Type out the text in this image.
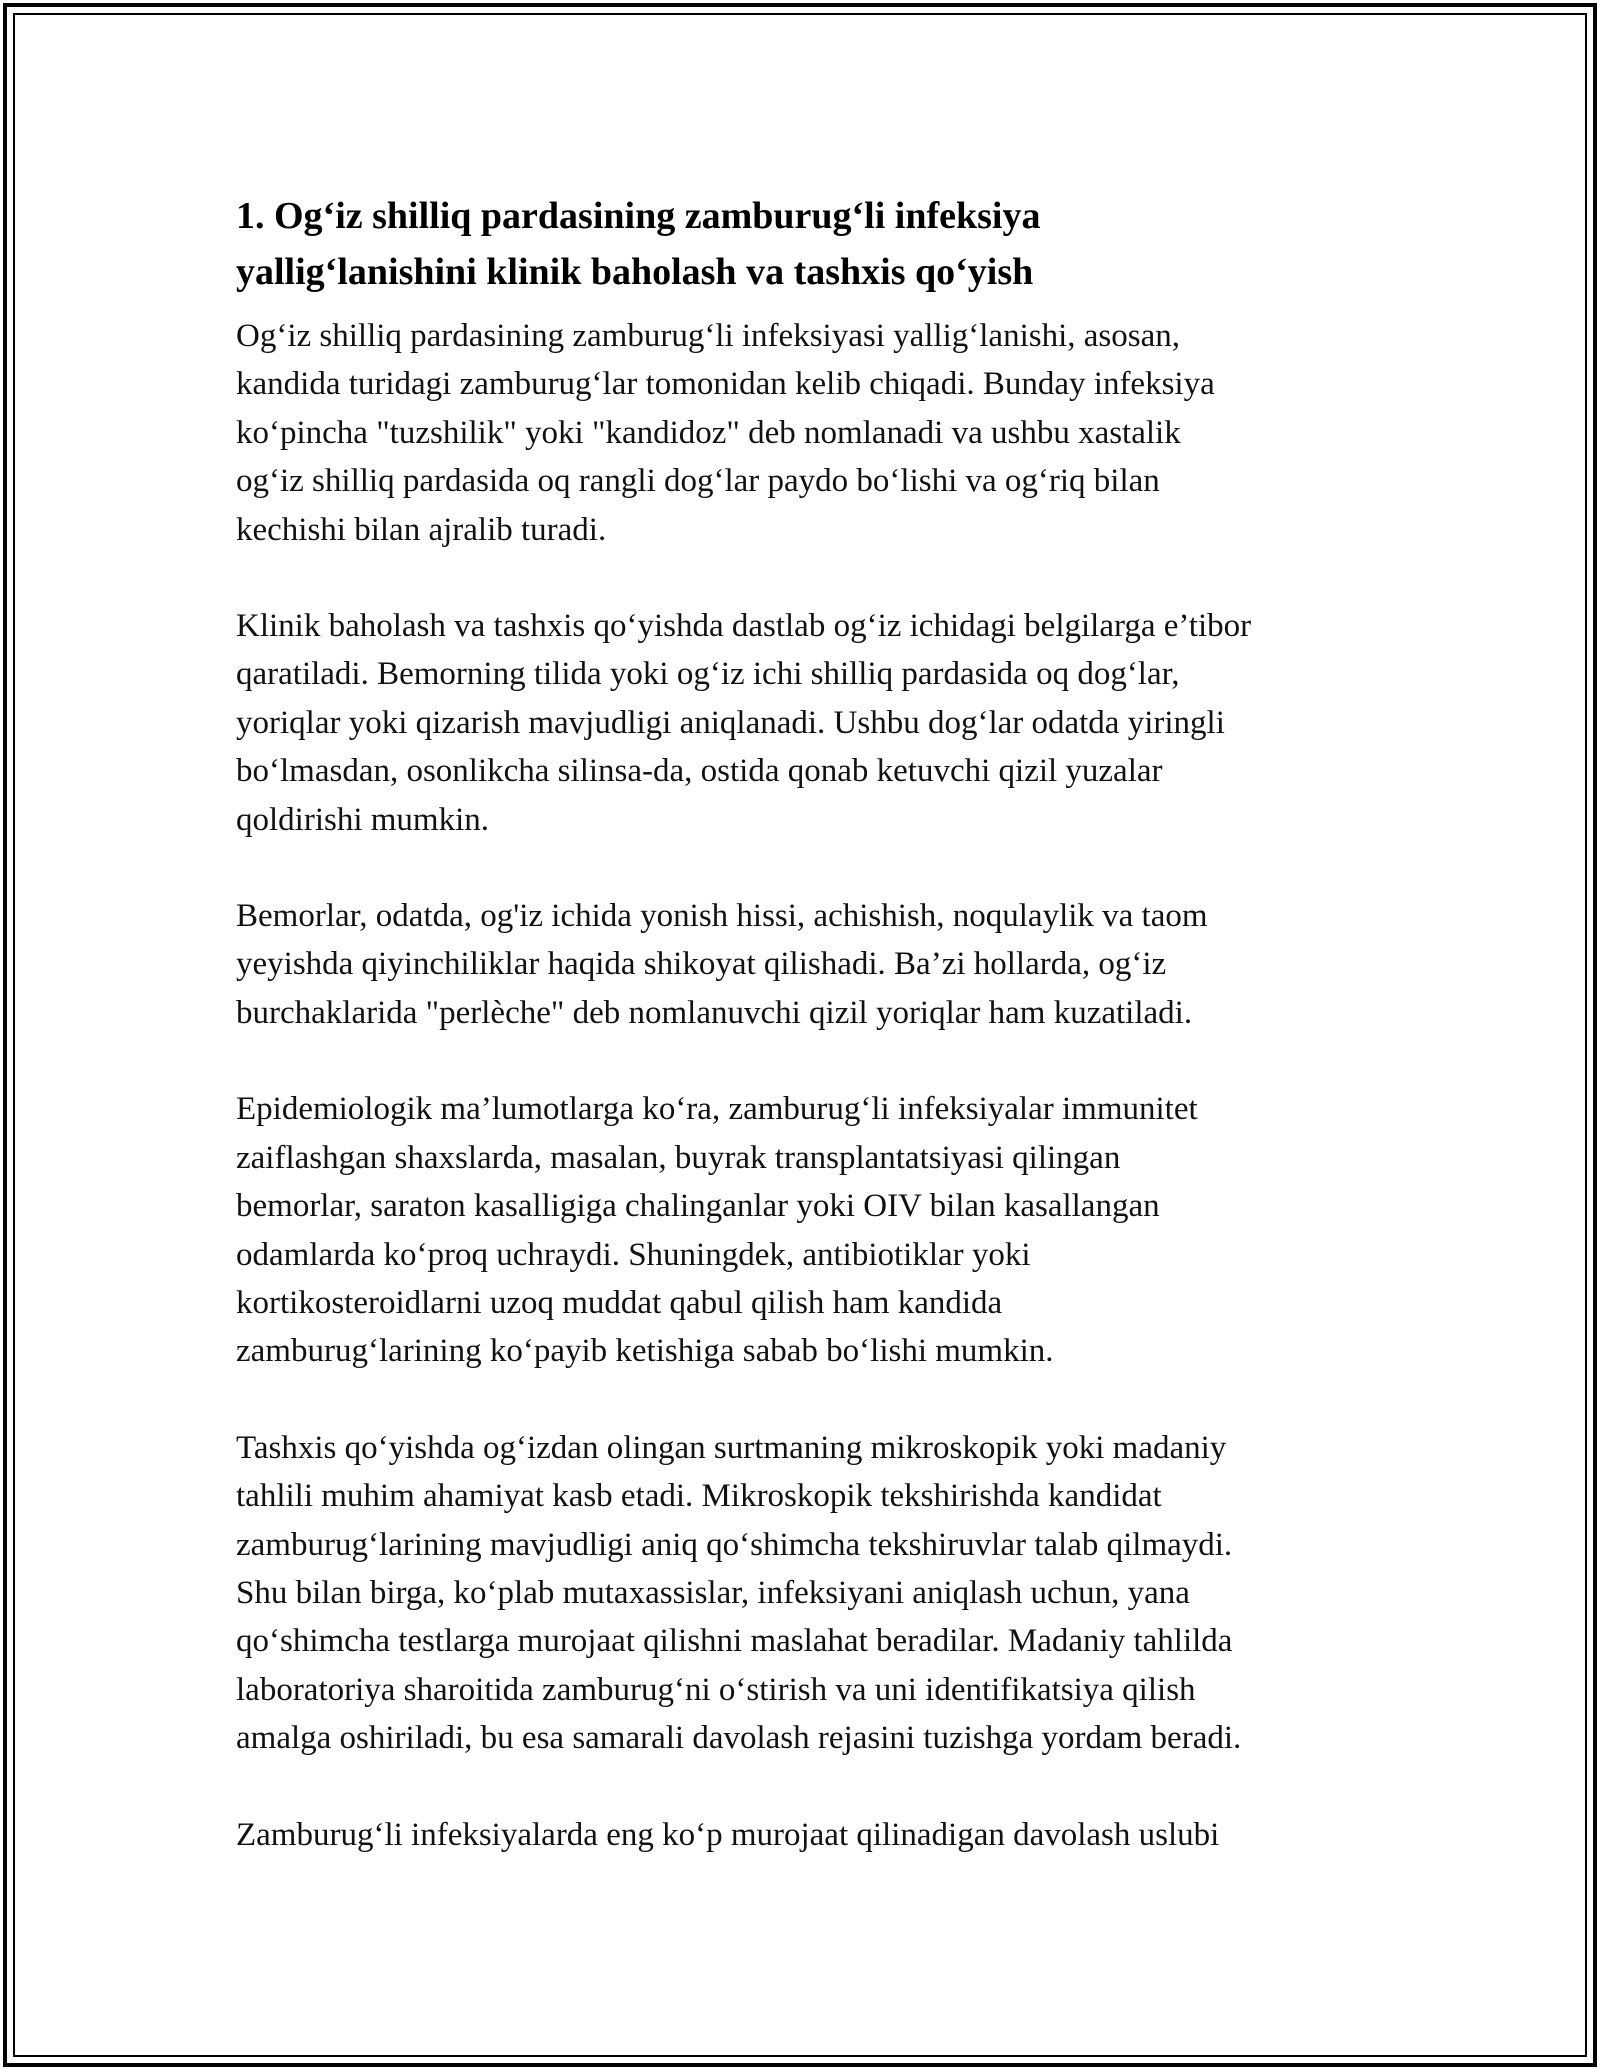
1. Og‘iz shilliq pardasining zamburug‘li infeksiya
yallig‘lanishini klinik baholash va tashxis qo‘yish

Og‘iz shilliq pardasining zamburug‘li infeksiyasi yallig‘lanishi, asosan,
kandida turidagi zamburug‘lar tomonidan kelib chiqadi. Bunday infeksiya
ko‘pincha "tuzshilik" yoki "kandidoz" deb nomlanadi va ushbu xastalik
og‘iz shilliq pardasida oq rangli dog‘lar paydo bo‘lishi va og‘riq bilan
kechishi bilan ajralib turadi.

Klinik baholash va tashxis qo‘yishda dastlab og‘iz ichidagi belgilarga e’tibor
qaratiladi. Bemorning tilida yoki og‘iz ichi shilliq pardasida oq dog‘lar,
yoriqlar yoki qizarish mavjudligi aniqlanadi. Ushbu dog‘lar odatda yiringli
bo‘lmasdan, osonlikcha silinsa-da, ostida qonab ketuvchi qizil yuzalar
qoldirishi mumkin.

Bemorlar, odatda, og'iz ichida yonish hissi, achishish, noqulaylik va taom
yeyishda qiyinchiliklar haqida shikoyat qilishadi. Ba’zi hollarda, og‘iz
burchaklarida "perlèche" deb nomlanuvchi qizil yoriqlar ham kuzatiladi.

Epidemiologik ma’lumotlarga ko‘ra, zamburug‘li infeksiyalar immunitet
zaiflashgan shaxslarda, masalan, buyrak transplantatsiyasi qilingan
bemorlar, saraton kasalligiga chalinganlar yoki OIV bilan kasallangan
odamlarda ko‘proq uchraydi. Shuningdek, antibiotiklar yoki
kortikosteroidlarni uzoq muddat qabul qilish ham kandida
zamburug‘larining ko‘payib ketishiga sabab bo‘lishi mumkin.

Tashxis qo‘yishda og‘izdan olingan surtmaning mikroskopik yoki madaniy
tahlili muhim ahamiyat kasb etadi. Mikroskopik tekshirishda kandidat
zamburug‘larining mavjudligi aniq qo‘shimcha tekshiruvlar talab qilmaydi.
Shu bilan birga, ko‘plab mutaxassislar, infeksiyani aniqlash uchun, yana
qo‘shimcha testlarga murojaat qilishni maslahat beradilar. Madaniy tahlilda
laboratoriya sharoitida zamburug‘ni o‘stirish va uni identifikatsiya qilish
amalga oshiriladi, bu esa samarali davolash rejasini tuzishga yordam beradi.

Zamburug‘li infeksiyalarda eng ko‘p murojaat qilinadigan davolash uslubi
